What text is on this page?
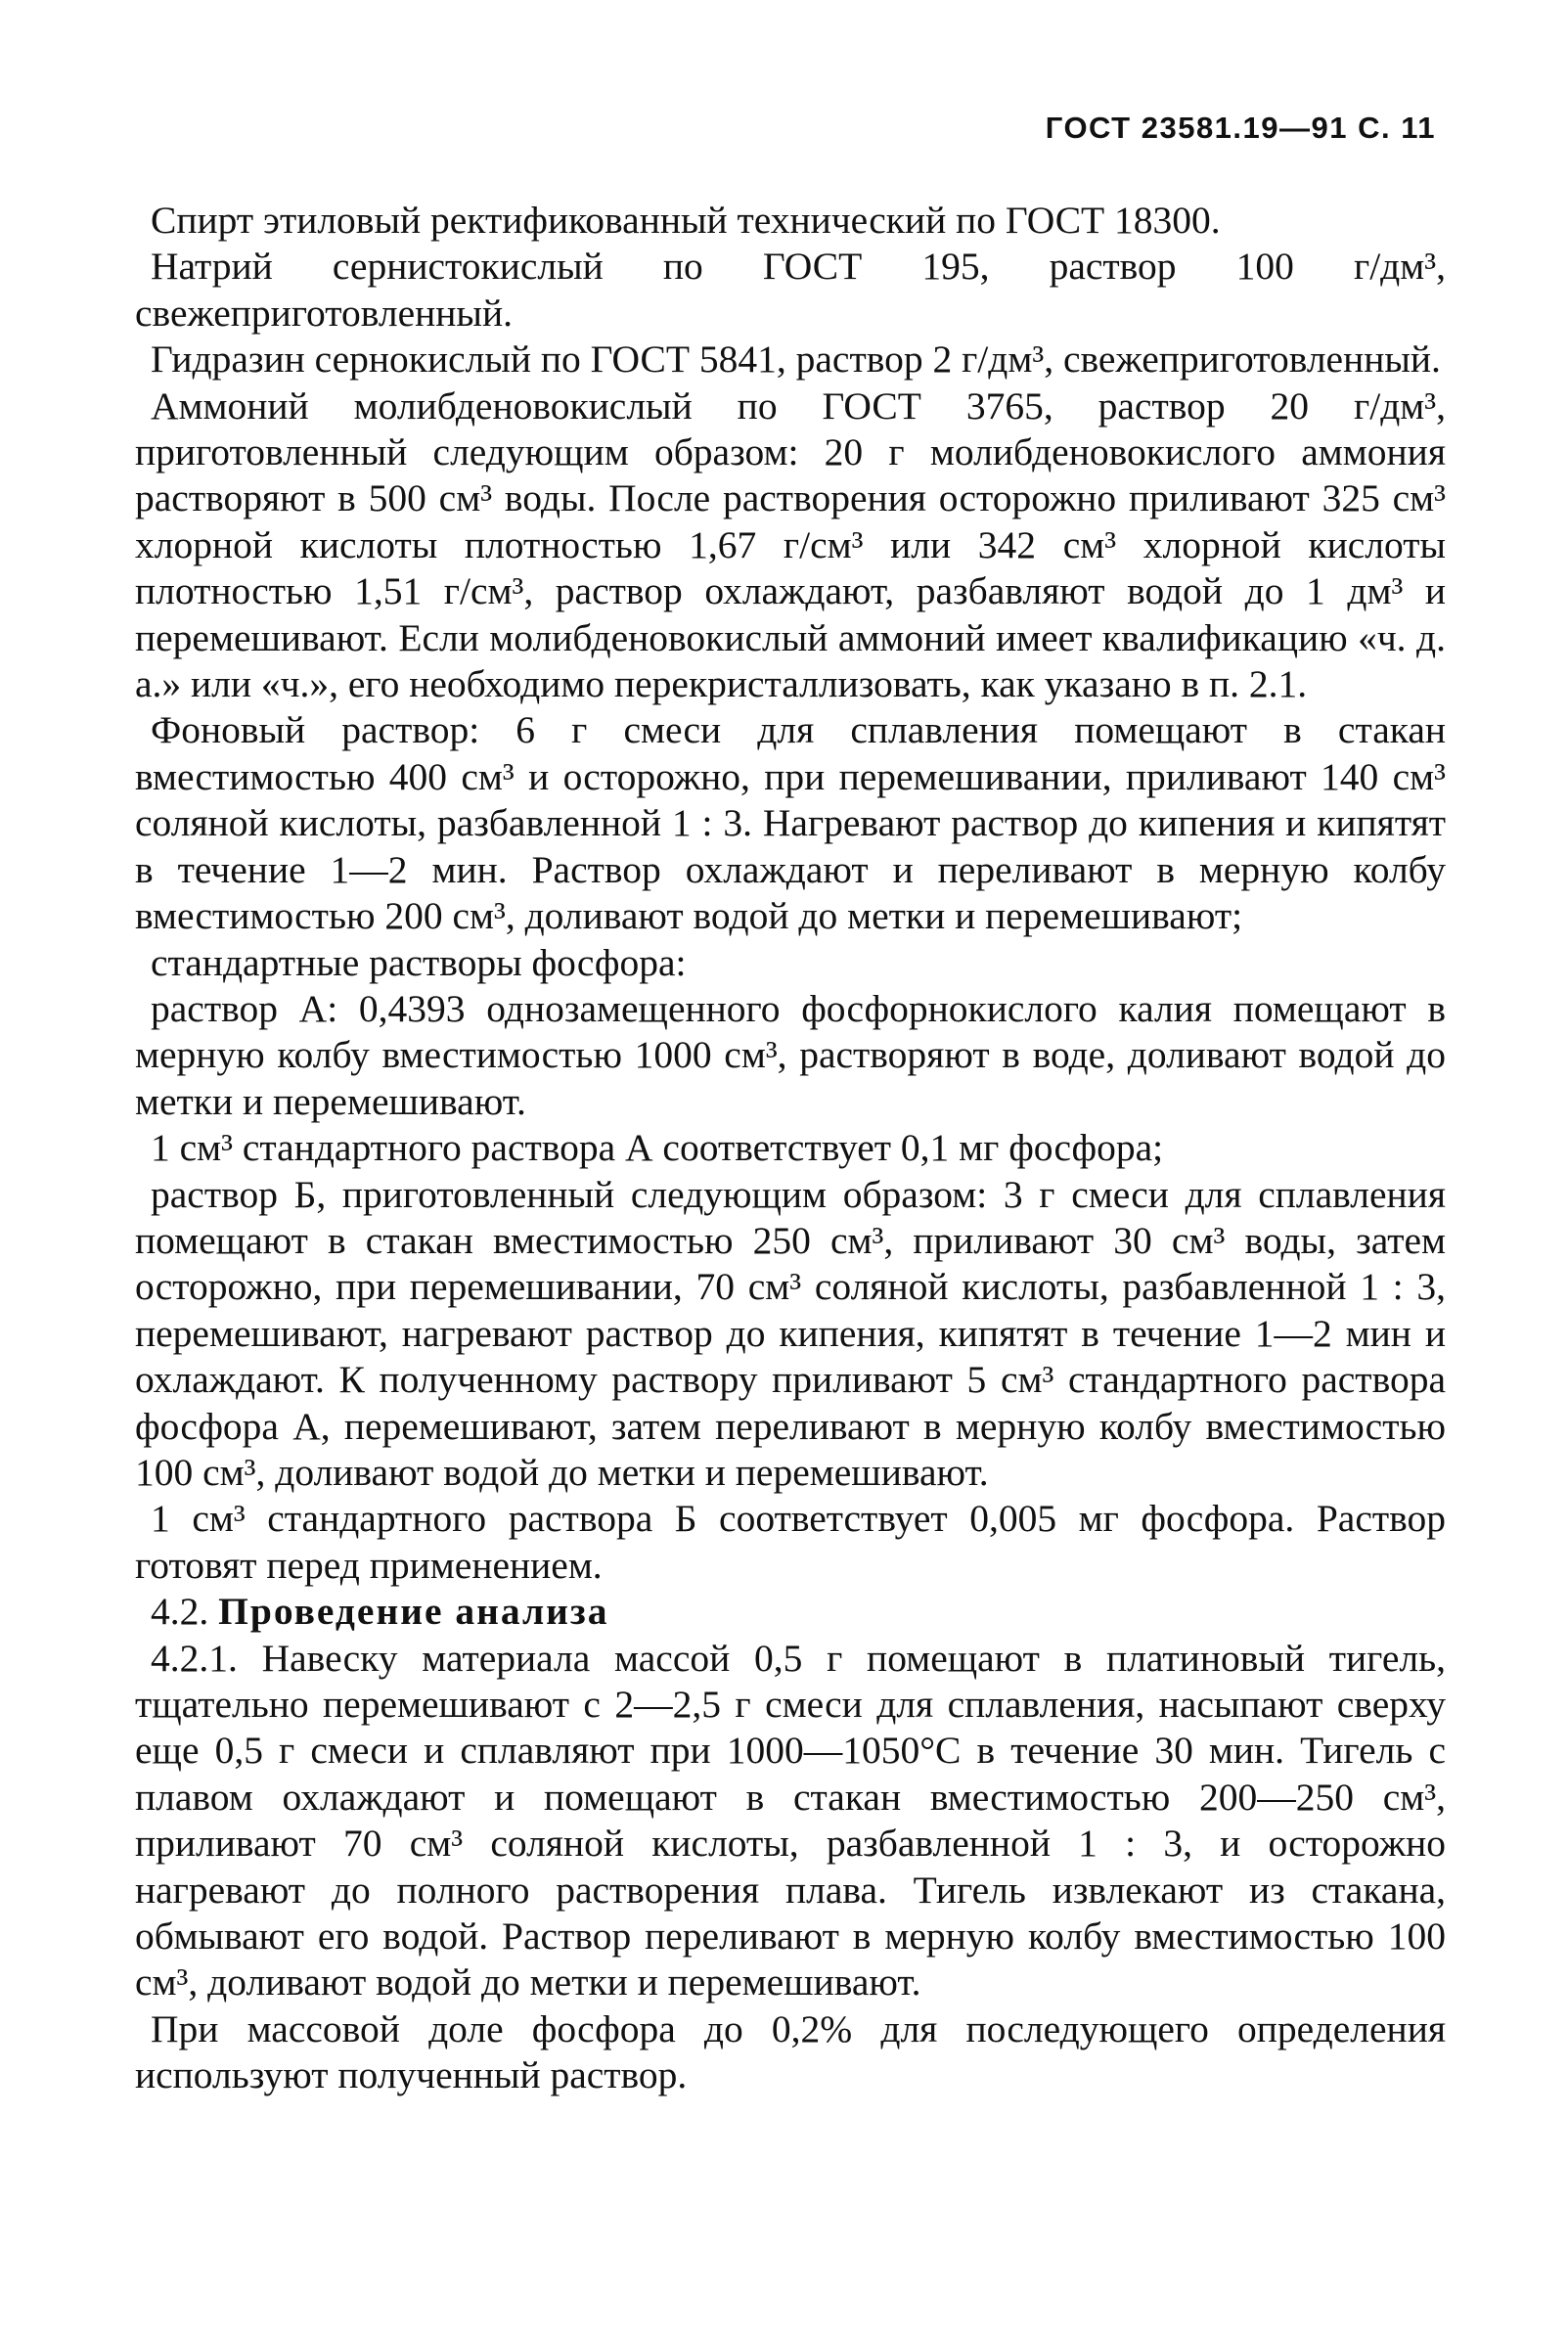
ГОСТ 23581.19—91 С. 11

Спирт этиловый ректификованный технический по ГОСТ 18300.

Натрий сернистокислый по ГОСТ 195, раствор 100 г/дм³, свежеприготовленный.

Гидразин сернокислый по ГОСТ 5841, раствор 2 г/дм³, свежеприготовленный.

Аммоний молибденовокислый по ГОСТ 3765, раствор 20 г/дм³, приготовленный следующим образом: 20 г молибденовокислого аммония растворяют в 500 см³ воды. После растворения осторожно приливают 325 см³ хлорной кислоты плотностью 1,67 г/см³ или 342 см³ хлорной кислоты плотностью 1,51 г/см³, раствор охлаждают, разбавляют водой до 1 дм³ и перемешивают. Если молибденовокислый аммоний имеет квалификацию «ч. д. а.» или «ч.», его необходимо перекристаллизовать, как указано в п. 2.1.

Фоновый раствор: 6 г смеси для сплавления помещают в стакан вместимостью 400 см³ и осторожно, при перемешивании, приливают 140 см³ соляной кислоты, разбавленной 1 : 3. Нагревают раствор до кипения и кипятят в течение 1—2 мин. Раствор охлаждают и переливают в мерную колбу вместимостью 200 см³, доливают водой до метки и перемешивают;

стандартные растворы фосфора:

раствор А: 0,4393 однозамещенного фосфорнокислого калия помещают в мерную колбу вместимостью 1000 см³, растворяют в воде, доливают водой до метки и перемешивают.

1 см³ стандартного раствора А соответствует 0,1 мг фосфора;

раствор Б, приготовленный следующим образом: 3 г смеси для сплавления помещают в стакан вместимостью 250 см³, приливают 30 см³ воды, затем осторожно, при перемешивании, 70 см³ соляной кислоты, разбавленной 1 : 3, перемешивают, нагревают раствор до кипения, кипятят в течение 1—2 мин и охлаждают. К полученному раствору приливают 5 см³ стандартного раствора фосфора А, перемешивают, затем переливают в мерную колбу вместимостью 100 см³, доливают водой до метки и перемешивают.

1 см³ стандартного раствора Б соответствует 0,005 мг фосфора. Раствор готовят перед применением.

4.2. Проведение анализа

4.2.1. Навеску материала массой 0,5 г помещают в платиновый тигель, тщательно перемешивают с 2—2,5 г смеси для сплавления, насыпают сверху еще 0,5 г смеси и сплавляют при 1000—1050°С в течение 30 мин. Тигель с плавом охлаждают и помещают в стакан вместимостью 200—250 см³, приливают 70 см³ соляной кислоты, разбавленной 1 : 3, и осторожно нагревают до полного растворения плава. Тигель извлекают из стакана, обмывают его водой. Раствор переливают в мерную колбу вместимостью 100 см³, доливают водой до метки и перемешивают.

При массовой доле фосфора до 0,2% для последующего определения используют полученный раствор.
